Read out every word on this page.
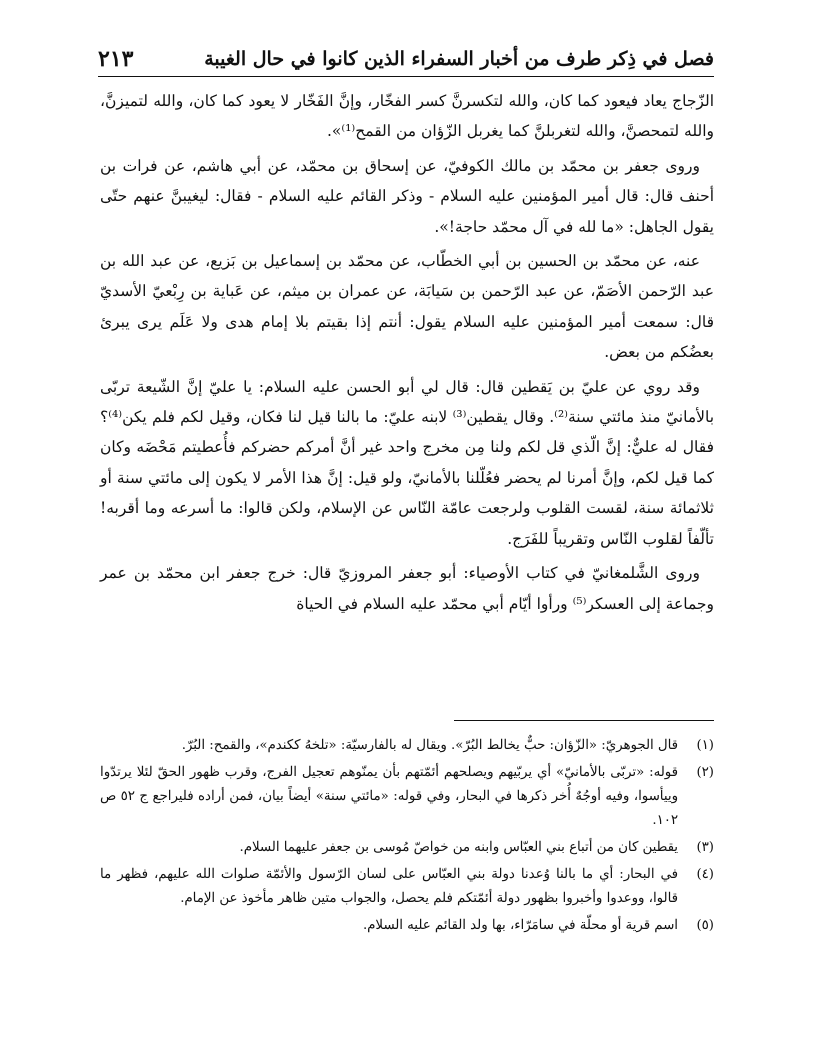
فصل في ذِكر طرف من أخبار السفراء الذين كانوا في حال الغيبة
٢١٣

الزّجاج يعاد فيعود كما كان، والله لتكسرنَّ كسر الفخّار، وإنَّ الفَخّار لا يعود كما كان، والله لتميزنَّ، والله لتمحصنَّ، والله لتغربلنَّ كما يغربل الزّؤان من القمح⁽¹⁾».

وروى جعفر بن محمّد بن مالك الكوفيّ، عن إسحاق بن محمّد، عن أبي هاشم، عن فرات بن أحنف قال: قال أمير المؤمنين عليه السلام - وذكر القائم عليه السلام - فقال: ليغيبنَّ عنهم حتّى يقول الجاهل: «ما لله في آل محمّد حاجة!».

عنه، عن محمّد بن الحسين بن أبي الخطّاب، عن محمّد بن إسماعيل بن بَزيع، عن عبد الله بن عبد الرّحمن الأصَمّ، عن عبد الرّحمن بن سَيابَة، عن عمران بن ميثم، عن عَباية بن رِبْعيّ الأسديّ قال: سمعت أمير المؤمنين عليه السلام يقول: أنتم إذا بقيتم بلا إمام هدى ولا عَلَم يرى يبرئ بعضُكم من بعض.

وقد روي عن عليّ بن يَقطين قال: قال لي أبو الحسن عليه السلام: يا عليّ إنَّ الشّيعة تربّى بالأمانيّ منذ مائتي سنة⁽²⁾. وقال يقطين⁽³⁾ لابنه عليّ: ما بالنا قيل لنا فكان، وقيل لكم فلم يكن⁽⁴⁾؟ فقال له عليٌّ: إنَّ الّذي قل لكم ولنا مِن مخرج واحد غير أنَّ أمركم حضركم فأُعطيتم مَحْضَه وكان كما قيل لكم، وإنَّ أمرنا لم يحضر فعُلّلنا بالأمانيّ، ولو قيل: إنَّ هذا الأمر لا يكون إلى مائتي سنة أو ثلاثمائة سنة، لقست القلوب ولرجعت عامّة النّاس عن الإسلام، ولكن قالوا: ما أسرعه وما أقربه! تألّفاً لقلوب النّاس وتقريباً للفَرَج.

وروى الشَّلمغانيّ في كتاب الأوصياء: أبو جعفر المروزيّ قال: خرج جعفر ابن محمّد بن عمر وجماعة إلى العسكر⁽⁵⁾ ورأوا أيّام أبي محمّد عليه السلام في الحياة

(١)
قال الجوهريّ: «الزّؤان: حبٌّ يخالط البُرّ». ويقال له بالفارسيّة: «تلخهُ ككندم»، والقمح: البُرّ.
(٢)
قوله: «تربّى بالأمانيّ» أي يربّيهم ويصلحهم أئمّتهم بأن يمنّوهم تعجيل الفرج، وقرب ظهور الحقّ لئلا يرتدّوا وييأسوا، وفيه أوجُهٌ أُخر ذكرها في البحار، وفي قوله: «مائتي سنة» أيضاً بيان، فمن أراده فليراجع ج ٥٢ ص ١٠٢.
(٣)
يقطين كان من أتباع بني العبّاس وابنه من خواصّ مُوسى بن جعفر عليهما السلام.
(٤)
في البحار: أي ما بالنا وُعدنا دولة بني العبّاس على لسان الرّسول والأئمّة صلوات الله عليهم، فظهر ما قالوا، ووعدوا وأخبروا بظهور دولة أئمّتكم فلم يحصل، والجواب متين ظاهر مأخوذ عن الإمام.
(٥)
اسم قرية أو محلّة في سامَرّاء، بها ولد القائم عليه السلام.
